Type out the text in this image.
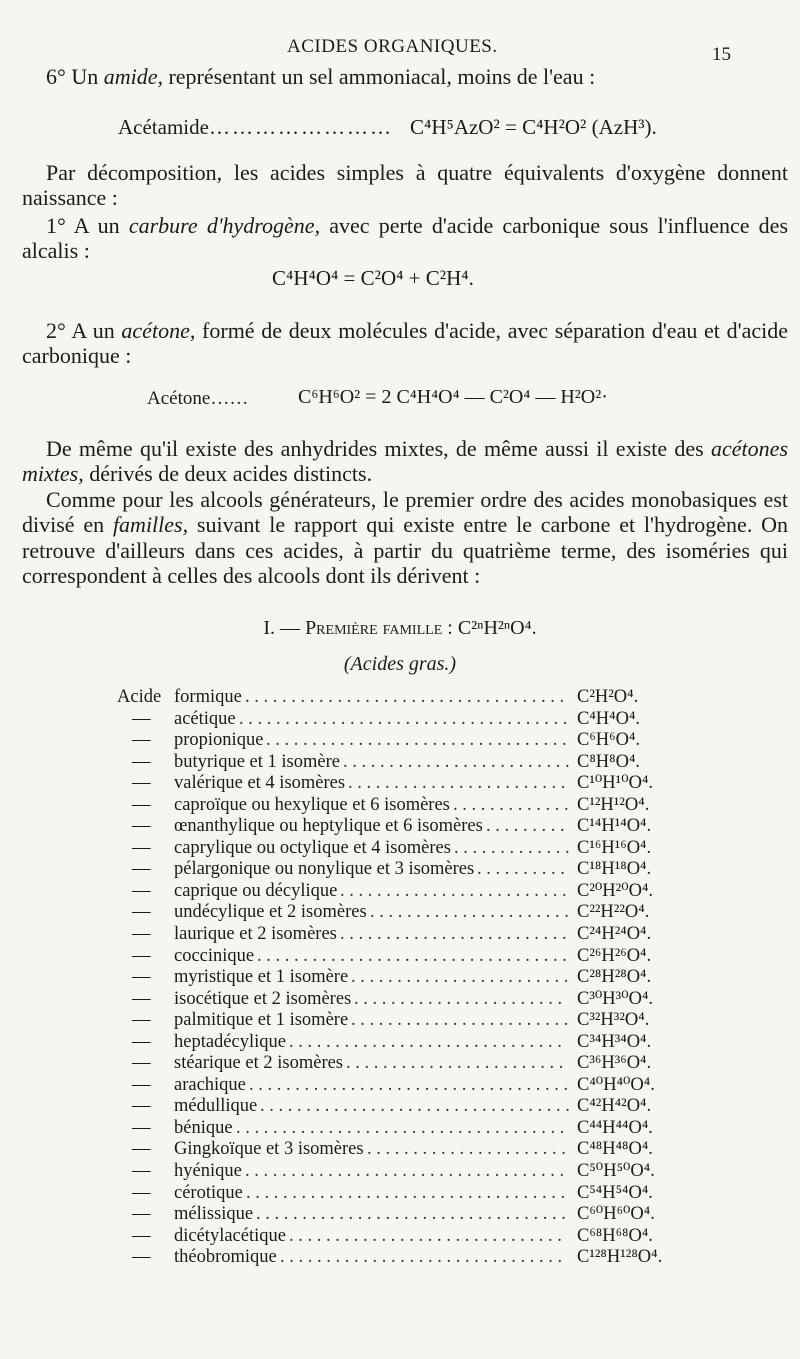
ACIDES ORGANIQUES.	15
6° Un amide, représentant un sel ammoniacal, moins de l'eau :
Acétamide…………………… C⁴H⁵AzO² = C⁴H²O² (AzH³).
Par décomposition, les acides simples à quatre équivalents d'oxygène donnent naissance :
1° A un carbure d'hydrogène, avec perte d'acide carbonique sous l'influence des alcalis :
C⁴H⁴O⁴ = C²O⁴ + C²H⁴.
2° A un acétone, formé de deux molécules d'acide, avec séparation d'eau et d'acide carbonique :
Acétone…… C⁶H⁶O² = 2 C⁴H⁴O⁴ — C²O⁴ — H²O²·
De même qu'il existe des anhydrides mixtes, de même aussi il existe des acétones mixtes, dérivés de deux acides distincts.
Comme pour les alcools générateurs, le premier ordre des acides monobasiques est divisé en familles, suivant le rapport qui existe entre le carbone et l'hydrogène. On retrouve d'ailleurs dans ces acides, à partir du quatrième terme, des isoméries qui correspondent à celles des alcools dont ils dérivent :
I. — Première famille : C²ⁿH²ⁿO⁴.
(Acides gras.)
Acide formique . . . . . . . . . . . . . . . . . . . . . . . . . . . . . . . . . . . C²H²O⁴.
— acétique . . . . . . . . . . . . . . . . . . . . . . . . . . . . . . . . . . . . C⁴H⁴O⁴.
— propionique . . . . . . . . . . . . . . . . . . . . . . . . . . . . . . . . . C⁶H⁶O⁴.
— butyrique et 1 isomère . . . . . . . . . . . . . . . . . . . . . . . . . C⁸H⁸O⁴.
— valérique et 4 isomères . . . . . . . . . . . . . . . . . . . . . . . . C¹⁰H¹⁰O⁴.
— caproïque ou hexylique et 6 isomères . . . . . . . . . . . . . C¹²H¹²O⁴.
— œnanthylique ou heptylique et 6 isomères . . . . . . . . . C¹⁴H¹⁴O⁴.
— caprylique ou octylique et 4 isomères . . . . . . . . . . . . . C¹⁶H¹⁶O⁴.
— pélargonique ou nonylique et 3 isomères . . . . . . . . . . C¹⁸H¹⁸O⁴.
— caprique ou décylique . . . . . . . . . . . . . . . . . . . . . . . . . C²⁰H²⁰O⁴.
— undécylique et 2 isomères . . . . . . . . . . . . . . . . . . . . . . C²²H²²O⁴.
— laurique et 2 isomères . . . . . . . . . . . . . . . . . . . . . . . . . C²⁴H²⁴O⁴.
— coccinique . . . . . . . . . . . . . . . . . . . . . . . . . . . . . . . . . . C²⁶H²⁶O⁴.
— myristique et 1 isomère . . . . . . . . . . . . . . . . . . . . . . . . C²⁸H²⁸O⁴.
— isocétique et 2 isomères . . . . . . . . . . . . . . . . . . . . . . . C³⁰H³⁰O⁴.
— palmitique et 1 isomère . . . . . . . . . . . . . . . . . . . . . . . . C³²H³²O⁴.
— heptadécylique . . . . . . . . . . . . . . . . . . . . . . . . . . . . . . C³⁴H³⁴O⁴.
— stéarique et 2 isomères . . . . . . . . . . . . . . . . . . . . . . . . C³⁶H³⁶O⁴.
— arachique . . . . . . . . . . . . . . . . . . . . . . . . . . . . . . . . . . . C⁴⁰H⁴⁰O⁴.
— médullique . . . . . . . . . . . . . . . . . . . . . . . . . . . . . . . . . . C⁴²H⁴²O⁴.
— bénique . . . . . . . . . . . . . . . . . . . . . . . . . . . . . . . . . . . . C⁴⁴H⁴⁴O⁴.
— Gingkoïque et 3 isomères . . . . . . . . . . . . . . . . . . . . . . C⁴⁸H⁴⁸O⁴.
— hyénique . . . . . . . . . . . . . . . . . . . . . . . . . . . . . . . . . . . C⁵⁰H⁵⁰O⁴.
— cérotique . . . . . . . . . . . . . . . . . . . . . . . . . . . . . . . . . . . C⁵⁴H⁵⁴O⁴.
— mélissique . . . . . . . . . . . . . . . . . . . . . . . . . . . . . . . . . . C⁶⁰H⁶⁰O⁴.
— dicétylacétique . . . . . . . . . . . . . . . . . . . . . . . . . . . . . . C⁶⁸H⁶⁸O⁴.
— théobromique . . . . . . . . . . . . . . . . . . . . . . . . . . . . . . . C¹²⁸H¹²⁸O⁴.
